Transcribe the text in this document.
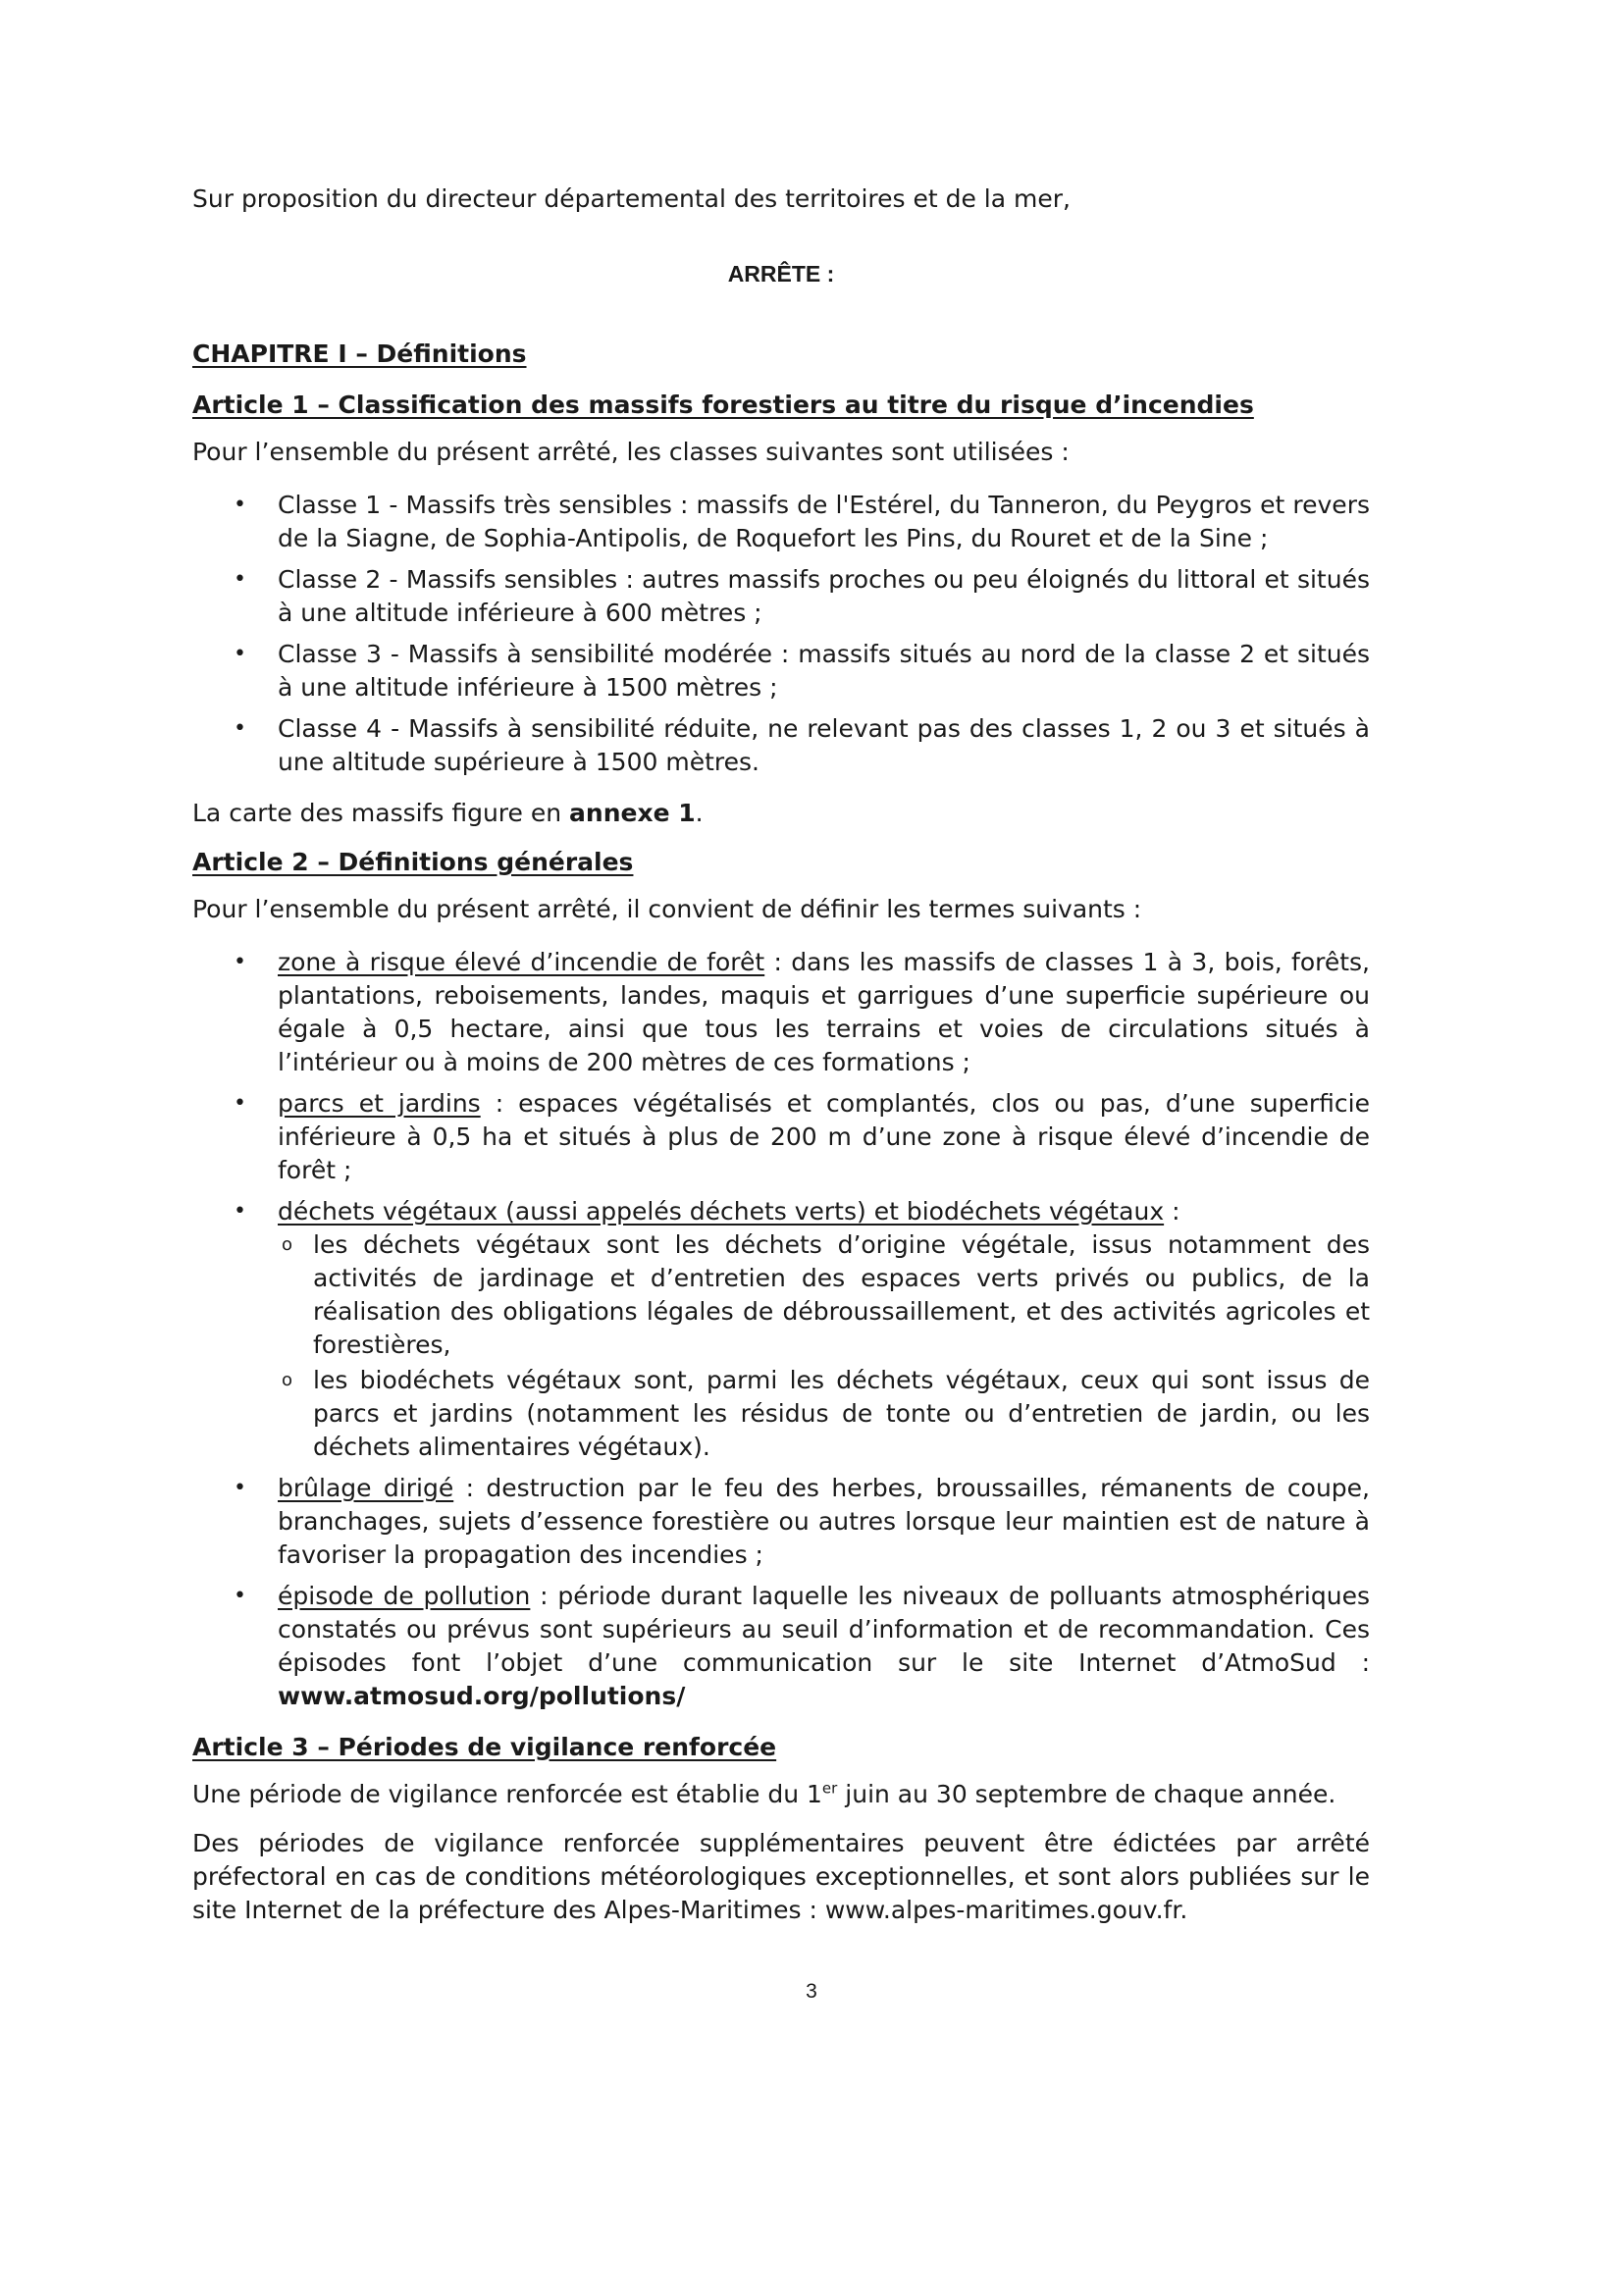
Sur proposition du directeur départemental des territoires et de la mer,

ARRÊTE :

CHAPITRE I – Définitions

Article 1 – Classification des massifs forestiers au titre du risque d’incendies

Pour l’ensemble du présent arrêté, les classes suivantes sont utilisées :

• Classe 1 - Massifs très sensibles : massifs de l'Estérel, du Tanneron, du Peygros et revers de la Siagne, de Sophia-Antipolis, de Roquefort les Pins, du Rouret et de la Sine ;
• Classe 2 - Massifs sensibles : autres massifs proches ou peu éloignés du littoral et situés à une altitude inférieure à 600 mètres ;
• Classe 3 - Massifs à sensibilité modérée : massifs situés au nord de la classe 2 et situés à une altitude inférieure à 1500 mètres ;
• Classe 4 - Massifs à sensibilité réduite, ne relevant pas des classes 1, 2 ou 3 et situés à une altitude supérieure à 1500 mètres.

La carte des massifs figure en annexe 1.

Article 2 – Définitions générales

Pour l’ensemble du présent arrêté, il convient de définir les termes suivants :

• zone à risque élevé d’incendie de forêt : dans les massifs de classes 1 à 3, bois, forêts, plantations, reboisements, landes, maquis et garrigues d’une superficie supérieure ou égale à 0,5 hectare, ainsi que tous les terrains et voies de circulations situés à l’intérieur ou à moins de 200 mètres de ces formations ;
• parcs et jardins : espaces végétalisés et complantés, clos ou pas, d’une superficie inférieure à 0,5 ha et situés à plus de 200 m d’une zone à risque élevé d’incendie de forêt ;
• déchets végétaux (aussi appelés déchets verts) et biodéchets végétaux :
o les déchets végétaux sont les déchets d’origine végétale, issus notamment des activités de jardinage et d’entretien des espaces verts privés ou publics, de la réalisation des obligations légales de débroussaillement, et des activités agricoles et forestières,
o les biodéchets végétaux sont, parmi les déchets végétaux, ceux qui sont issus de parcs et jardins (notamment les résidus de tonte ou d’entretien de jardin, ou les déchets alimentaires végétaux).
• brûlage dirigé : destruction par le feu des herbes, broussailles, rémanents de coupe, branchages, sujets d’essence forestière ou autres lorsque leur maintien est de nature à favoriser la propagation des incendies ;
• épisode de pollution : période durant laquelle les niveaux de polluants atmosphériques constatés ou prévus sont supérieurs au seuil d’information et de recommandation. Ces épisodes font l’objet d’une communication sur le site Internet d’AtmoSud : www.atmosud.org/pollutions/

Article 3 – Périodes de vigilance renforcée

Une période de vigilance renforcée est établie du 1er juin au 30 septembre de chaque année.

Des périodes de vigilance renforcée supplémentaires peuvent être édictées par arrêté préfectoral en cas de conditions météorologiques exceptionnelles, et sont alors publiées sur le site Internet de la préfecture des Alpes-Maritimes : www.alpes-maritimes.gouv.fr.

3
